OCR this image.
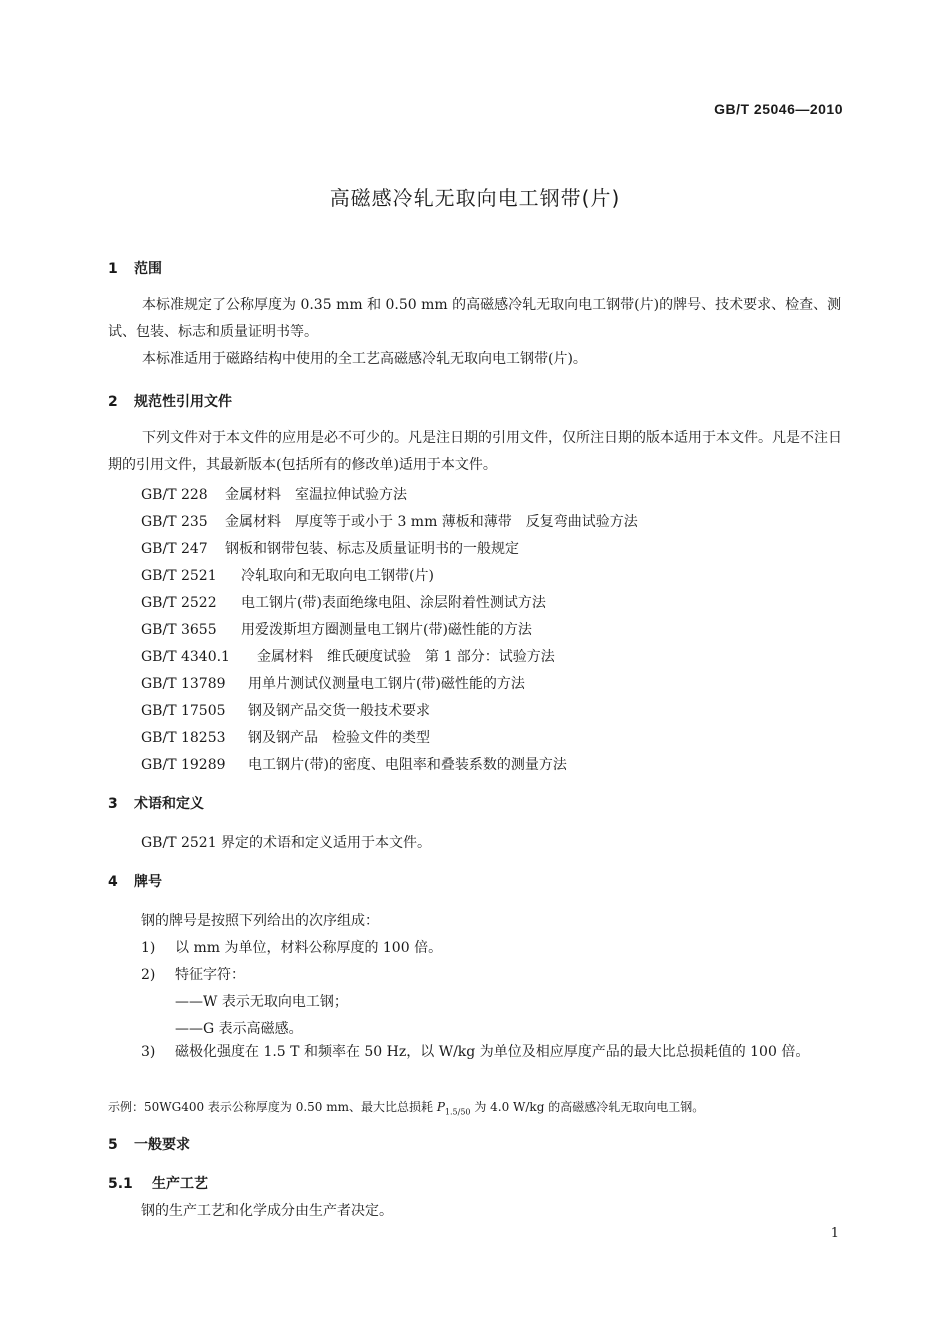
GB/T 25046—2010
高磁感冷轧无取向电工钢带(片)
1 范围
本标准规定了公称厚度为 0.35 mm 和 0.50 mm 的高磁感冷轧无取向电工钢带(片)的牌号、技术要求、检查、测试、包装、标志和质量证明书等。
本标准适用于磁路结构中使用的全工艺高磁感冷轧无取向电工钢带(片)。
2 规范性引用文件
下列文件对于本文件的应用是必不可少的。凡是注日期的引用文件，仅所注日期的版本适用于本文件。凡是不注日期的引用文件，其最新版本(包括所有的修改单)适用于本文件。
GB/T 228 金属材料　室温拉伸试验方法
GB/T 235 金属材料　厚度等于或小于 3 mm 薄板和薄带　反复弯曲试验方法
GB/T 247 钢板和钢带包装、标志及质量证明书的一般规定
GB/T 2521 冷轧取向和无取向电工钢带(片)
GB/T 2522 电工钢片(带)表面绝缘电阻、涂层附着性测试方法
GB/T 3655 用爱泼斯坦方圈测量电工钢片(带)磁性能的方法
GB/T 4340.1 金属材料　维氏硬度试验　第 1 部分：试验方法
GB/T 13789 用单片测试仪测量电工钢片(带)磁性能的方法
GB/T 17505 钢及钢产品交货一般技术要求
GB/T 18253 钢及钢产品　检验文件的类型
GB/T 19289 电工钢片(带)的密度、电阻率和叠装系数的测量方法
3 术语和定义
GB/T 2521 界定的术语和定义适用于本文件。
4 牌号
钢的牌号是按照下列给出的次序组成：
1) 以 mm 为单位，材料公称厚度的 100 倍。
2) 特征字符：
——W 表示无取向电工钢；
——G 表示高磁感。
3)	磁极化强度在 1.5 T 和频率在 50 Hz，以 W/kg 为单位及相应厚度产品的最大比总损耗值的 100 倍。
示例：50WG400 表示公称厚度为 0.50 mm、最大比总损耗 $P_{1.5/50}$ 为 4.0 W/kg 的高磁感冷轧无取向电工钢。
5 一般要求
5.1 生产工艺
钢的生产工艺和化学成分由生产者决定。
1
